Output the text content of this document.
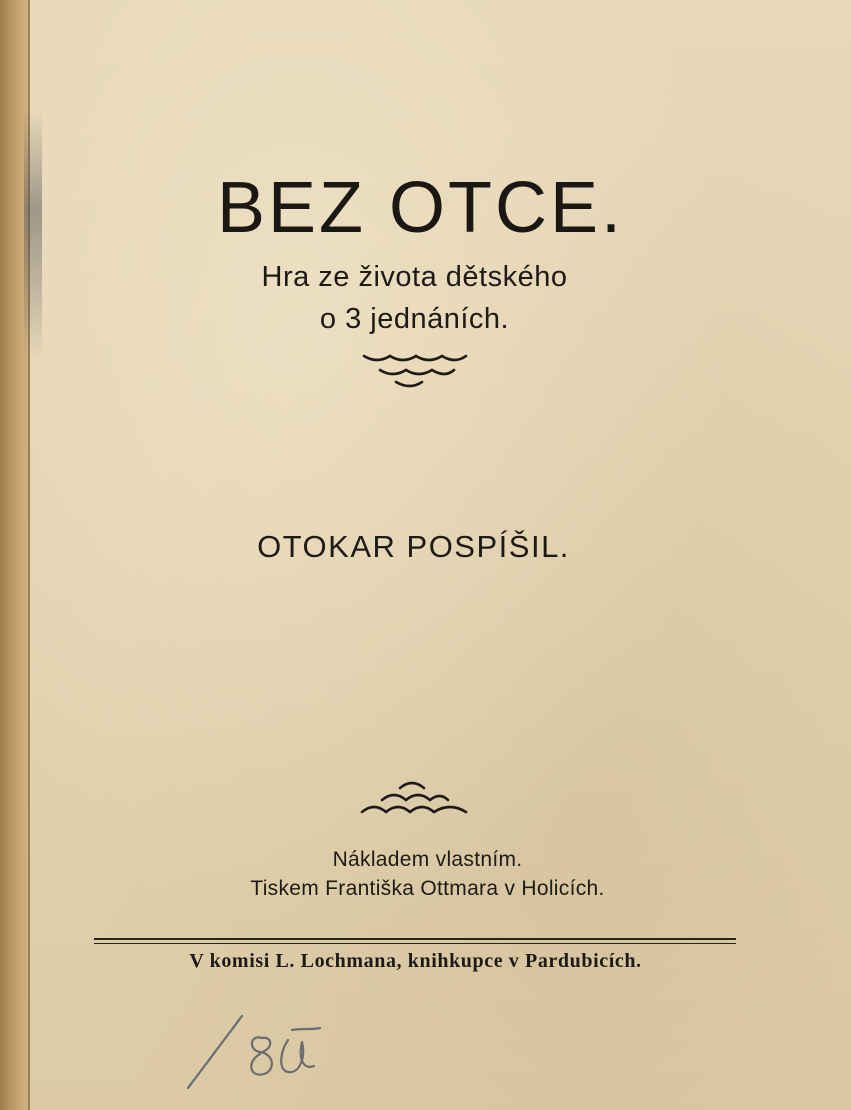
BEZ OTCE.
Hra ze života dětského
o 3 jednáních.
OTOKAR POSPÍŠIL.
Nákladem vlastním.
Tiskem Františka Ottmara v Holicích.
V komisi L. Lochmana, knihkupce v Pardubicích.
